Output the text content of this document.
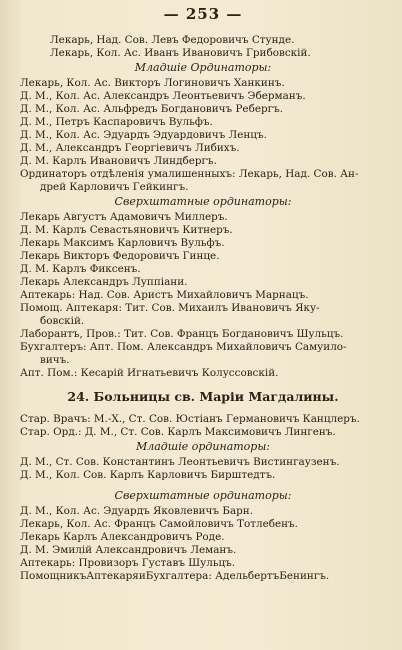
— 253 —
Лекарь, Над. Сов. Левъ Федоровичъ Стунде.
Лекарь, Кол. Ас. Иванъ Ивановичъ Грибовскій.
Младшіе Ординаторы:
Лекарь, Кол. Ас. Викторъ Логиновичъ Ханкинъ.
Д. М., Кол. Ас. Александръ Леонтьевичъ Эберманъ.
Д. М., Кол. Ас. Альфредъ Богдановичъ Ребергъ.
Д. М., Петръ Каспаровичъ Вульфъ.
Д. М., Кол. Ас. Эдуардъ Эдуардовичъ Ленцъ.
Д. М., Александръ Георгіевичъ Либихъ.
Д. М. Карлъ Ивановичъ Линдбергъ.
Ординаторъ отдѣленія умалишенныхъ: Лекарь, Над. Сов. Ан-
дрей Карловичъ Гейкингъ.
Сверхштатные ординаторы:
Лекарь Августъ Адамовичъ Миллеръ.
Д. М. Карлъ Севастьяновичъ Китнеръ.
Лекарь Максимъ Карловичъ Вульфъ.
Лекарь Викторъ Федоровичъ Гинце.
Д. М. Карлъ Фиксенъ.
Лекарь Александръ Луппіани.
Аптекарь: Над. Сов. Аристъ Михайловичъ Марнацъ.
Помощ. Аптекаря: Тит. Сов. Михаилъ Ивановичъ Яку-
бовскій.
Лаборантъ, Пров.: Тит. Сов. Францъ Богдановичъ Шульцъ.
Бухгалтеръ: Апт. Пом. Александръ Михайловичъ Самуило-
вичъ.
Апт. Пом.: Кесарій Игнатьевичъ Колуссовскій.
24. Больницы св. Маріи Магдалины.
Стар. Врачъ: М.-Х., Ст. Сов. Юстіанъ Германовичъ Канцлеръ.
Стар. Орд.: Д. М., Ст. Сов. Карлъ Максимовичъ Лингенъ.
Младшіе ординаторы:
Д. М., Ст. Сов. Константинъ Леонтьевичъ Вистингаузенъ.
Д. М., Кол. Сов. Карлъ Карловичъ Бирштедтъ.
Сверхштатные ординаторы:
Д. М., Кол. Ас. Эдуардъ Яковлевичъ Барн.
Лекарь, Кол. Ас. Францъ Самойловичъ Тотлебенъ.
Лекарь Карлъ Александровичъ Роде.
Д. М. Эмилій Александровичъ Леманъ.
Аптекарь: Провизоръ Густавъ Шульцъ.
ПомощникъАптекаряиБухгалтера: АдельбертъБенингъ.
